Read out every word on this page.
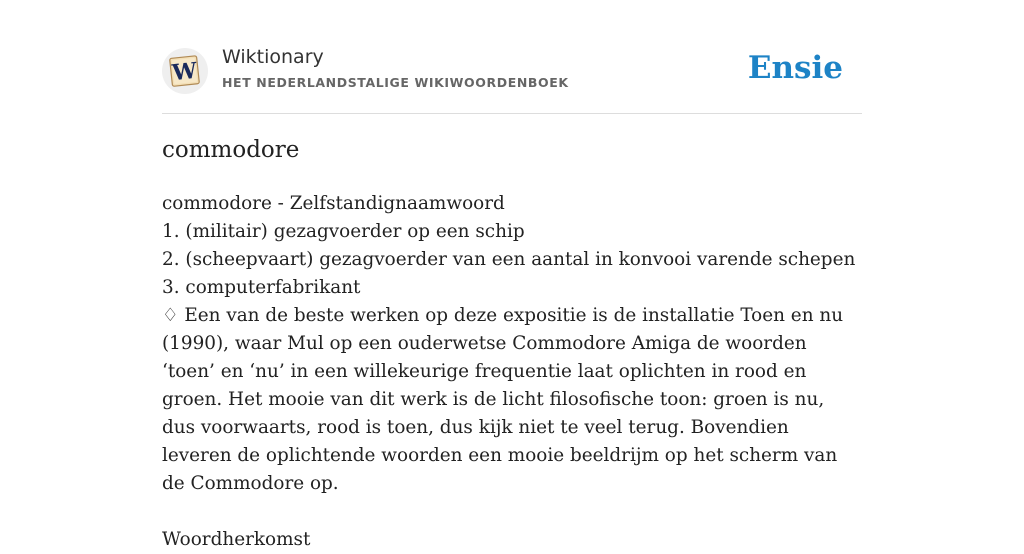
W
Wiktionary
HET NEDERLANDSTALIGE WIKIWOORDENBOEK	Ensie
commodore
commodore - Zelfstandignaamwoord
1. (militair) gezagvoerder op een schip
2. (scheepvaart) gezagvoerder van een aantal in konvooi varende schepen
3. computerfabrikant
♢ Een van de beste werken op deze expositie is de installatie Toen en nu (1990), waar Mul op een ouderwetse Commodore Amiga de woorden ‘toen’ en ‘nu’ in een willekeurige frequentie laat oplichten in rood en groen. Het mooie van dit werk is de licht filosofische toon: groen is nu, dus voorwaarts, rood is toen, dus kijk niet te veel terug. Bovendien leveren de oplichtende woorden een mooie beeldrijm op het scherm van de Commodore op.
Woordherkomst
